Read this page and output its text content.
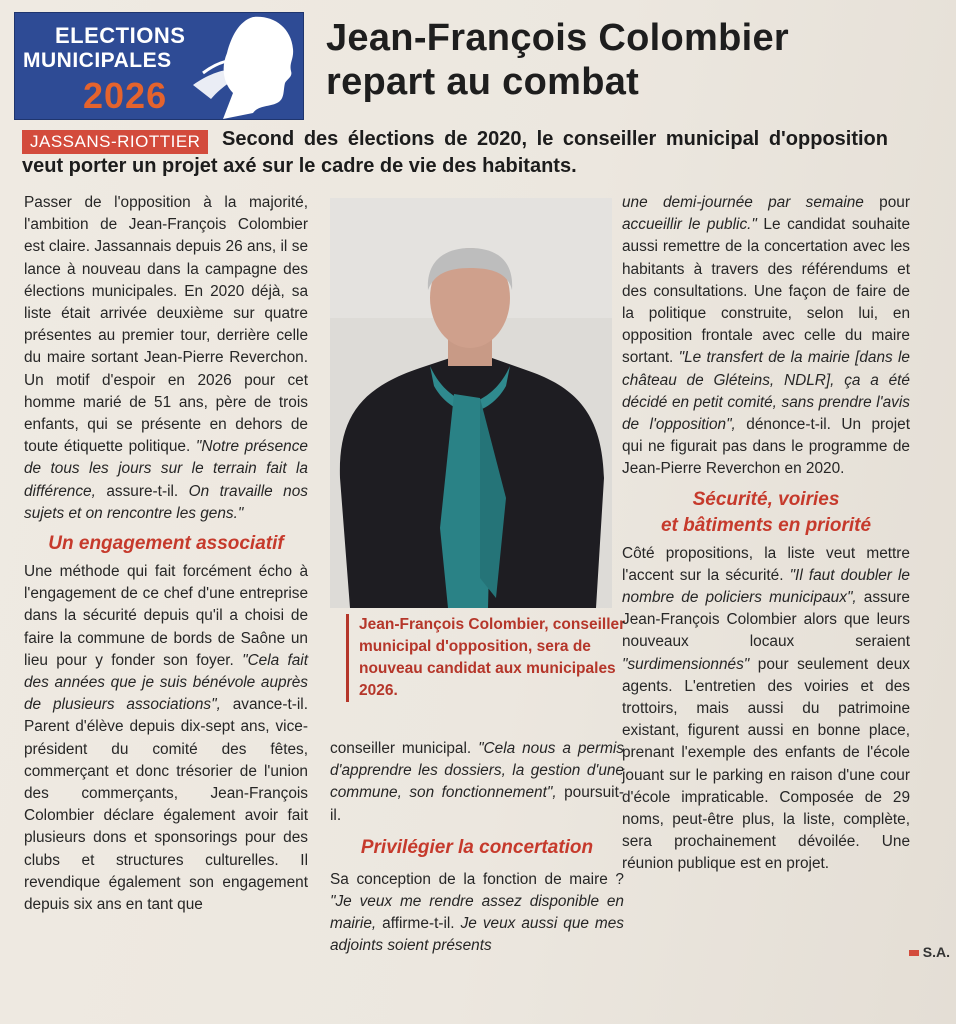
ELECTIONS
MUNICIPALES
2026
Jean-François Colombier
repart au combat
Second des élections de 2020, le conseiller municipal d'opposition veut porter un projet axé sur le cadre de vie des habitants.
JASSANS-RIOTTIER

Passer de l'opposition à la majorité, l'ambition de Jean-François Colombier est claire. Jassannais depuis 26 ans, il se lance à nouveau dans la campagne des élections municipales. En 2020 déjà, sa liste était arrivée deuxième sur quatre présentes au premier tour, derrière celle du maire sortant Jean-Pierre Reverchon. Un motif d'espoir en 2026 pour cet homme marié de 51 ans, père de trois enfants, qui se présente en dehors de toute étiquette politique. "Notre présence de tous les jours sur le terrain fait la différence, assure-t-il. On travaille nos sujets et on rencontre les gens."

Un engagement associatif

Une méthode qui fait forcément écho à l'engagement de ce chef d'une entreprise dans la sécurité depuis qu'il a choisi de faire la commune de bords de Saône un lieu pour y fonder son foyer. "Cela fait des années que je suis bénévole auprès de plusieurs associations", avance-t-il. Parent d'élève depuis dix-sept ans, vice-président du comité des fêtes, commerçant et donc trésorier de l'union des commerçants, Jean-François Colombier déclare également avoir fait plusieurs dons et sponsorings pour des clubs et structures culturelles. Il revendique également son engagement depuis six ans en tant que

Jean-François Colombier, conseiller municipal d'opposition, sera de nouveau candidat aux municipales 2026.

conseiller municipal. "Cela nous a permis d'apprendre les dossiers, la gestion d'une commune, son fonctionnement", poursuit-il.

Privilégier la concertation

Sa conception de la fonction de maire ? "Je veux me rendre assez disponible en mairie, affirme-t-il. Je veux aussi que mes adjoints soient présents

une demi-journée par semaine pour accueillir le public." Le candidat souhaite aussi remettre de la concertation avec les habitants à travers des référendums et des consultations. Une façon de faire de la politique construite, selon lui, en opposition frontale avec celle du maire sortant. "Le transfert de la mairie [dans le château de Gléteins, NDLR], ça a été décidé en petit comité, sans prendre l'avis de l'opposition", dénonce-t-il. Un projet qui ne figurait pas dans le programme de Jean-Pierre Reverchon en 2020.

Sécurité, voiries
et bâtiments en priorité

Côté propositions, la liste veut mettre l'accent sur la sécurité. "Il faut doubler le nombre de policiers municipaux", assure Jean-François Colombier alors que leurs nouveaux locaux seraient "surdimensionnés" pour seulement deux agents. L'entretien des voiries et des trottoirs, mais aussi du patrimoine existant, figurent aussi en bonne place, prenant l'exemple des enfants de l'école jouant sur le parking en raison d'une cour d'école impraticable. Composée de 29 noms, peut-être plus, la liste, complète, sera prochainement dévoilée. Une réunion publique est en projet.

S.A.
